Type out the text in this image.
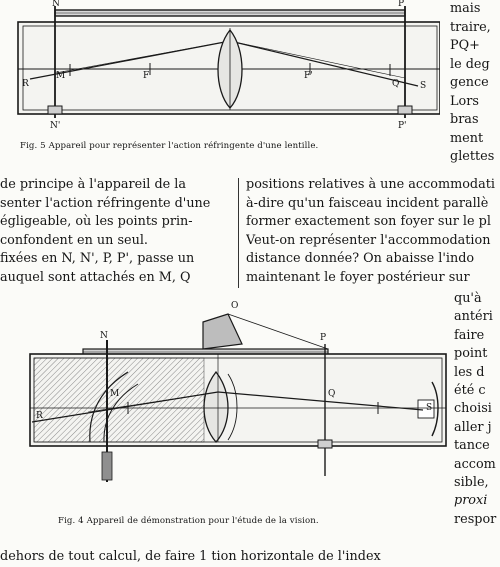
N	P
N'	P'
R
M	F	F'
Q S
Fig. 5 Appareil pour représenter l'action réfringente d'une lentille.
mais
traire,
PQ+
le deg
gence
Lors
bras
ment
glettes
de principe à l'appareil de la
senter l'action réfringente d'une
égligeable, où les points prin-
confondent en un seul.
fixées en N, N', P, P', passe un
auquel sont attachés en M, Q
positions relatives à une accommodati
à-dire qu'un faisceau incident parallè
former exactement son foyer sur le pl
Veut-on représenter l'accommodation
distance donnée? On abaisse l'indo
maintenant le foyer postérieur sur
N
O
P
M	Q
S
R
Fig. 4 Appareil de démonstration pour l'étude de la vision.
qu'à
antéri
faire
point
les d
été c
choisi
aller j
tance
accom
sible,
proxi
respor
dehors de tout calcul, de faire 1 tion horizontale de l'index
